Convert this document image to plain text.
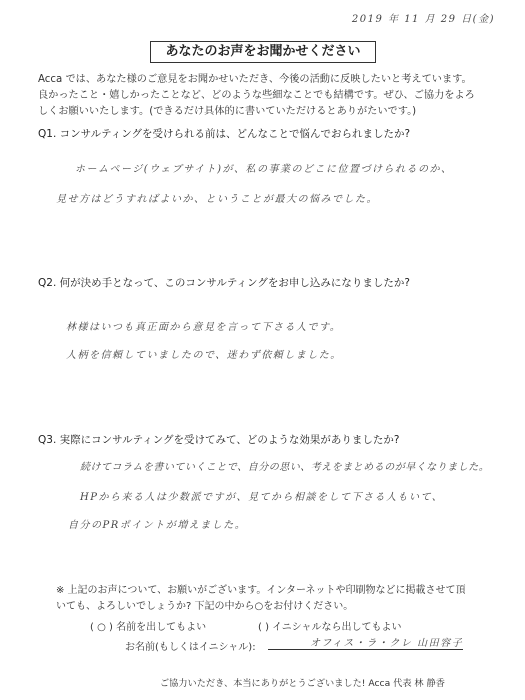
2019 年 11 月 29 日(金)
あなたのお声をお聞かせください
Acca では、あなた様のご意見をお聞かせいただき、今後の活動に反映したいと考えています。
良かったこと・嬉しかったことなど、どのような些細なことでも結構です。ぜひ、ご協力をよろ
しくお願いいたします。(できるだけ具体的に書いていただけるとありがたいです。)
Q1. コンサルティングを受けられる前は、どんなことで悩んでおられましたか?
ホームページ(ウェブサイト)が、私の事業のどこに位置づけられるのか、
見せ方はどうすればよいか、ということが最大の悩みでした。
Q2. 何が決め手となって、このコンサルティングをお申し込みになりましたか?
林様はいつも真正面から意見を言って下さる人です。
人柄を信頼していましたので、迷わず依頼しました。
Q3. 実際にコンサルティングを受けてみて、どのような効果がありましたか?
続けてコラムを書いていくことで、自分の思い、考えをまとめるのが早くなりました。
HPから来る人は少数派ですが、見てから相談をして下さる人もいて、
自分のPRポイントが増えました。
※ 上記のお声について、お願いがございます。インターネットや印刷物などに掲載させて頂
いても、よろしいでしょうか? 下記の中から○をお付けください。
( ○ ) 名前を出してもよい	( ) イニシャルなら出してもよい
お名前(もしくはイニシャル):	オフィス・ラ・クレ 山田容子
ご協力いただき、本当にありがとうございました! Acca 代表 林 静香
